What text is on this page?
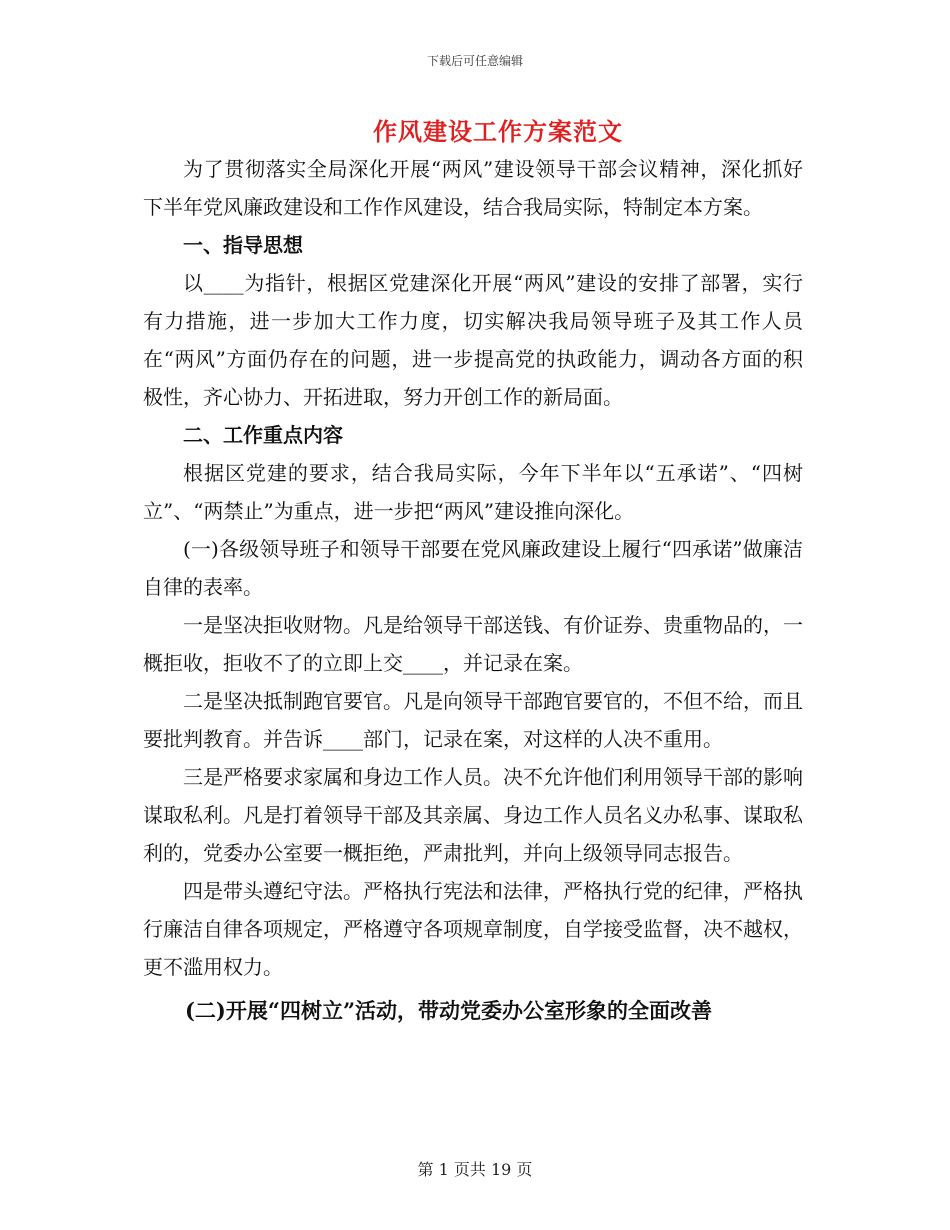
下载后可任意编辑
作风建设工作方案范文

为了贯彻落实全局深化开展“两风”建设领导干部会议精神，深化抓好下半年党风廉政建设和工作作风建设，结合我局实际，特制定本方案。

一、指导思想

以____为指针，根据区党建深化开展“两风”建设的安排了部署，实行有力措施，进一步加大工作力度，切实解决我局领导班子及其工作人员在“两风”方面仍存在的问题，进一步提高党的执政能力，调动各方面的积极性，齐心协力、开拓进取，努力开创工作的新局面。

二、工作重点内容

根据区党建的要求，结合我局实际，今年下半年以“五承诺”、“四树立”、“两禁止”为重点，进一步把“两风”建设推向深化。

(一)各级领导班子和领导干部要在党风廉政建设上履行“四承诺”做廉洁自律的表率。

一是坚决拒收财物。凡是给领导干部送钱、有价证券、贵重物品的，一概拒收，拒收不了的立即上交____，并记录在案。

二是坚决抵制跑官要官。凡是向领导干部跑官要官的，不但不给，而且要批判教育。并告诉____部门，记录在案，对这样的人决不重用。

三是严格要求家属和身边工作人员。决不允许他们利用领导干部的影响谋取私利。凡是打着领导干部及其亲属、身边工作人员名义办私事、谋取私利的，党委办公室要一概拒绝，严肃批判，并向上级领导同志报告。

四是带头遵纪守法。严格执行宪法和法律，严格执行党的纪律，严格执行廉洁自律各项规定，严格遵守各项规章制度，自学接受监督，决不越权，更不滥用权力。

(二)开展“四树立”活动，带动党委办公室形象的全面改善

第 1 页共 19 页
